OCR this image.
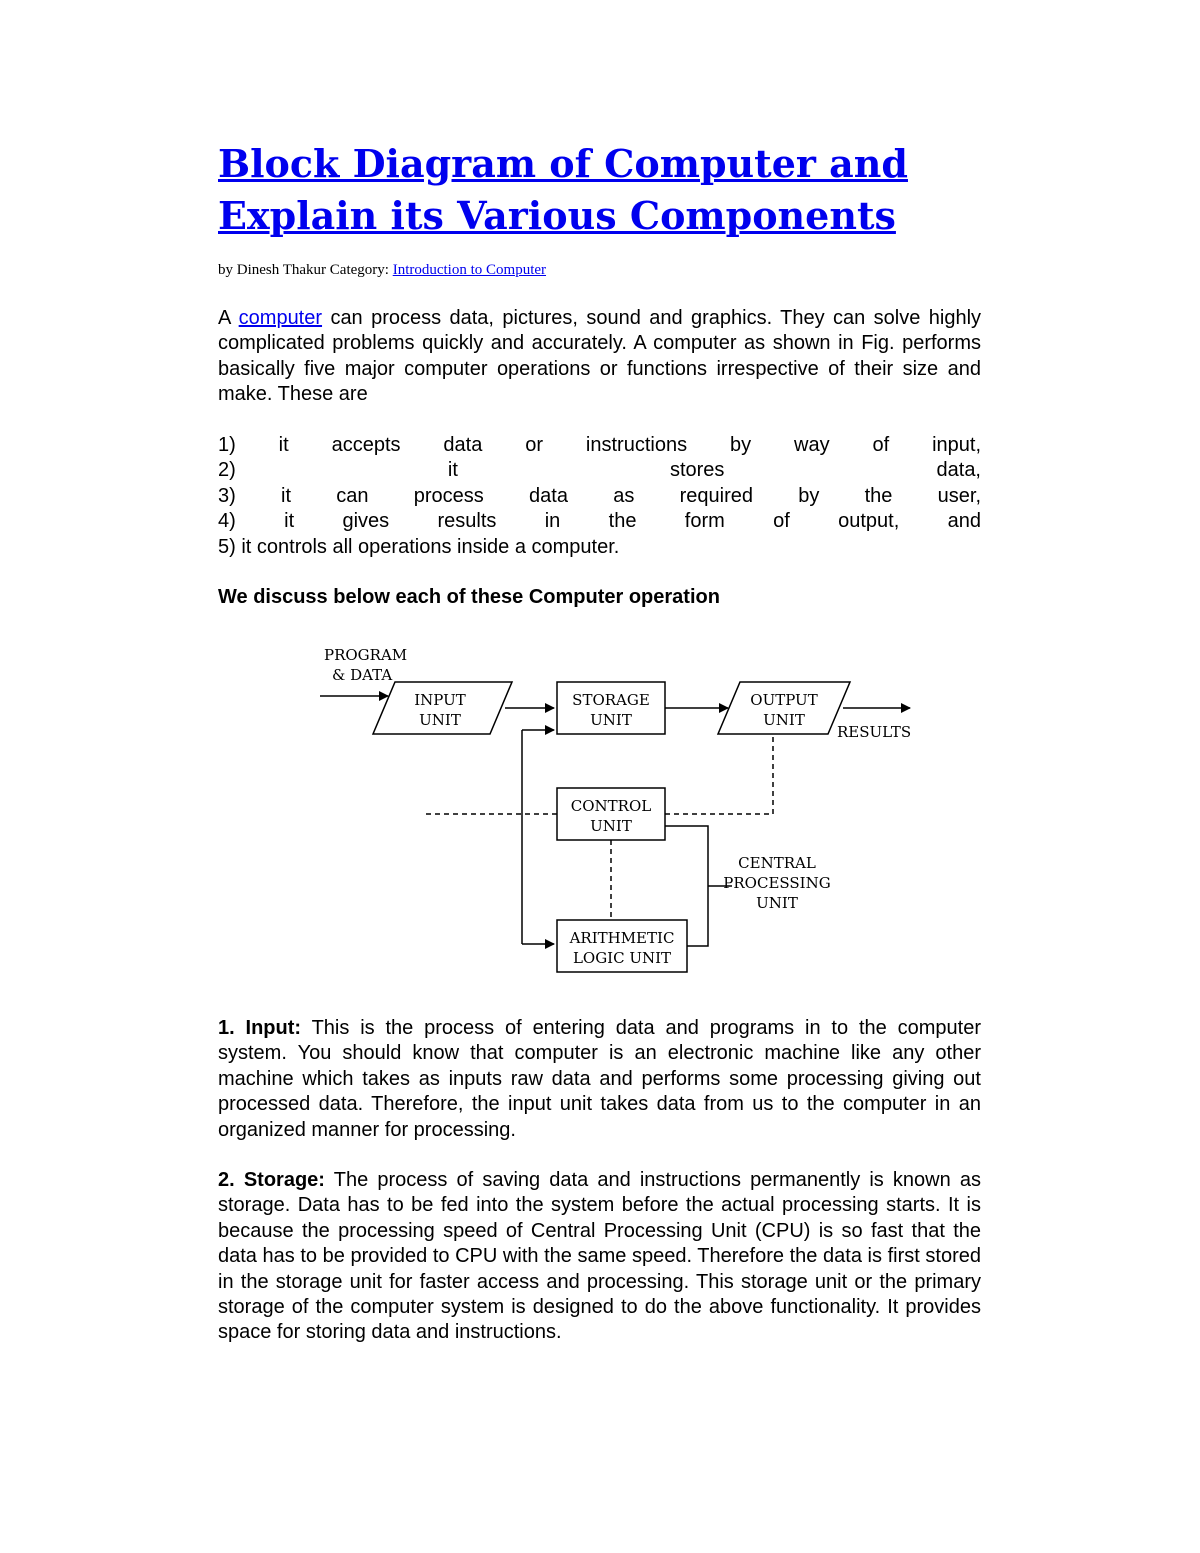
Block Diagram of Computer and Explain its Various Components
by Dinesh Thakur Category: Introduction to Computer

A computer can process data, pictures, sound and graphics. They can solve highly complicated problems quickly and accurately. A computer as shown in Fig. performs basically five major computer operations or functions irrespective of their size and make. These are

1) it accepts data or instructions by way of input,
2) it stores data,
3) it can process data as required by the user,
4) it gives results in the form of output, and
5) it controls all operations inside a computer.
We discuss below each of these Computer operation
PROGRAM
& DATA
INPUT
UNIT
STORAGE
UNIT
OUTPUT
UNIT
RESULTS
CONTROL
UNIT
ARITHMETIC
LOGIC UNIT
CENTRAL
PROCESSING
UNIT

1. Input: This is the process of entering data and programs in to the computer system. You should know that computer is an electronic machine like any other machine which takes as inputs raw data and performs some processing giving out processed data. Therefore, the input unit takes data from us to the computer in an organized manner for processing.

2. Storage: The process of saving data and instructions permanently is known as storage. Data has to be fed into the system before the actual processing starts. It is because the processing speed of Central Processing Unit (CPU) is so fast that the data has to be provided to CPU with the same speed. Therefore the data is first stored in the storage unit for faster access and processing. This storage unit or the primary storage of the computer system is designed to do the above functionality. It provides space for storing data and instructions.
